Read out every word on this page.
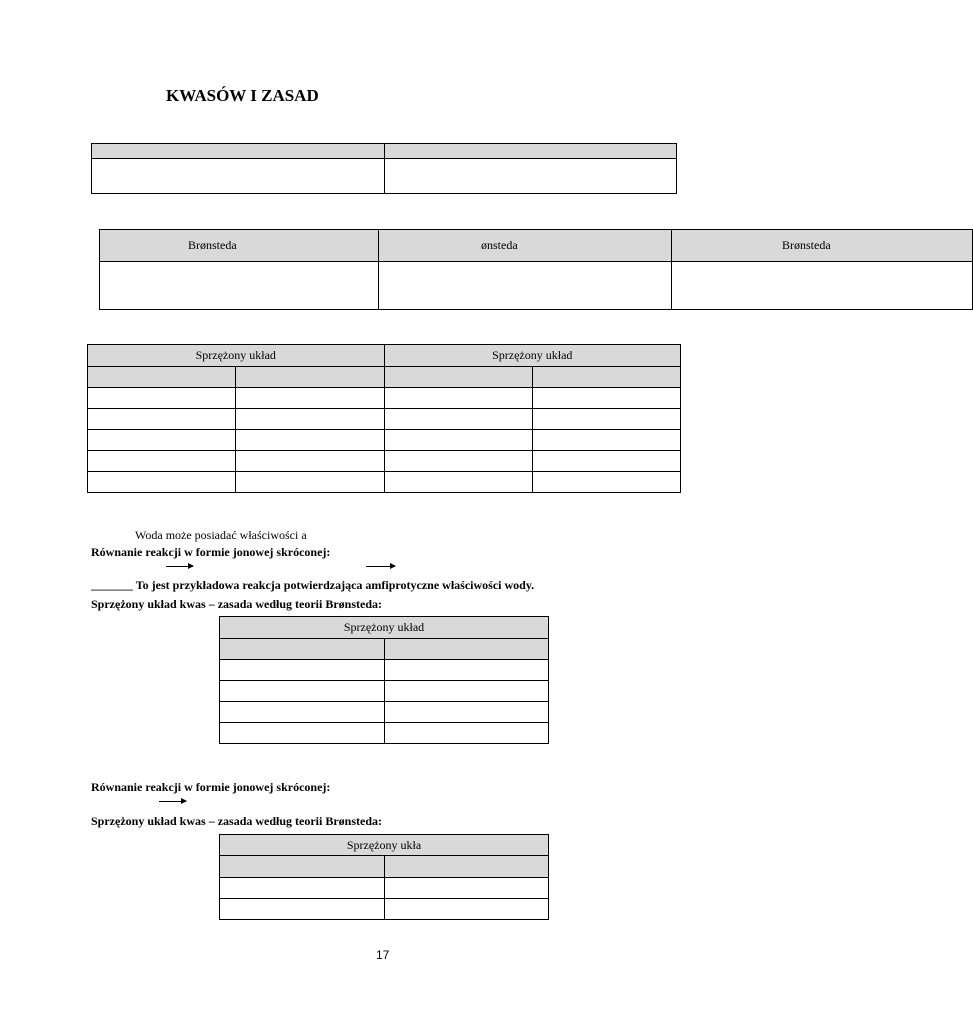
KWASÓW I ZASAD

Brønsteda	ønsteda	Brønsteda

Sprzężony układ		Sprzężony układ	

Woda może posiadać właściwości a
Równanie reakcji w formie jonowej skróconej:
_______ To jest przykładowa reakcja potwierdzająca amfiprotyczne właściwości wody.
Sprzężony układ kwas – zasada według teorii Brønsteda:
Sprzężony układ	

Równanie reakcji w formie jonowej skróconej:
Sprzężony układ kwas – zasada według teorii Brønsteda:
Sprzężony ukła	

17
